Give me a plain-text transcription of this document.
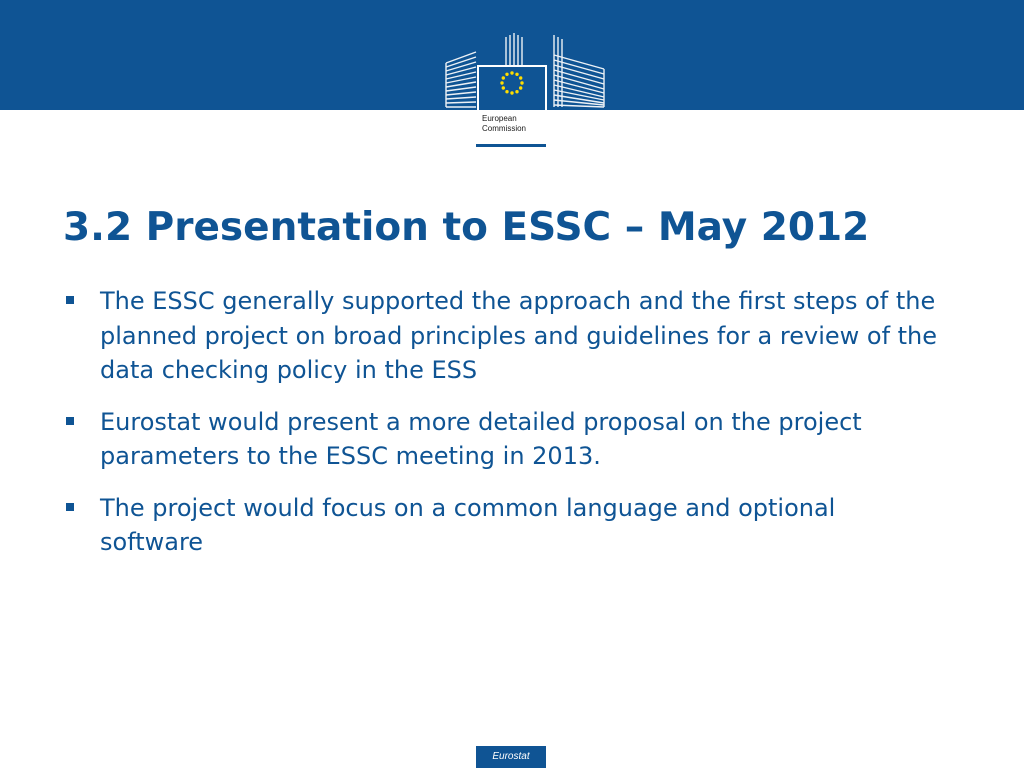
European
Commission
3.2 Presentation to ESSC – May 2012
The ESSC generally supported the approach and the first steps of the planned project on broad principles and guidelines for a review of the data checking policy in the ESS
Eurostat would present a more detailed proposal on the project parameters to the ESSC meeting in 2013.
The project would focus on a common language and optional software
Eurostat
